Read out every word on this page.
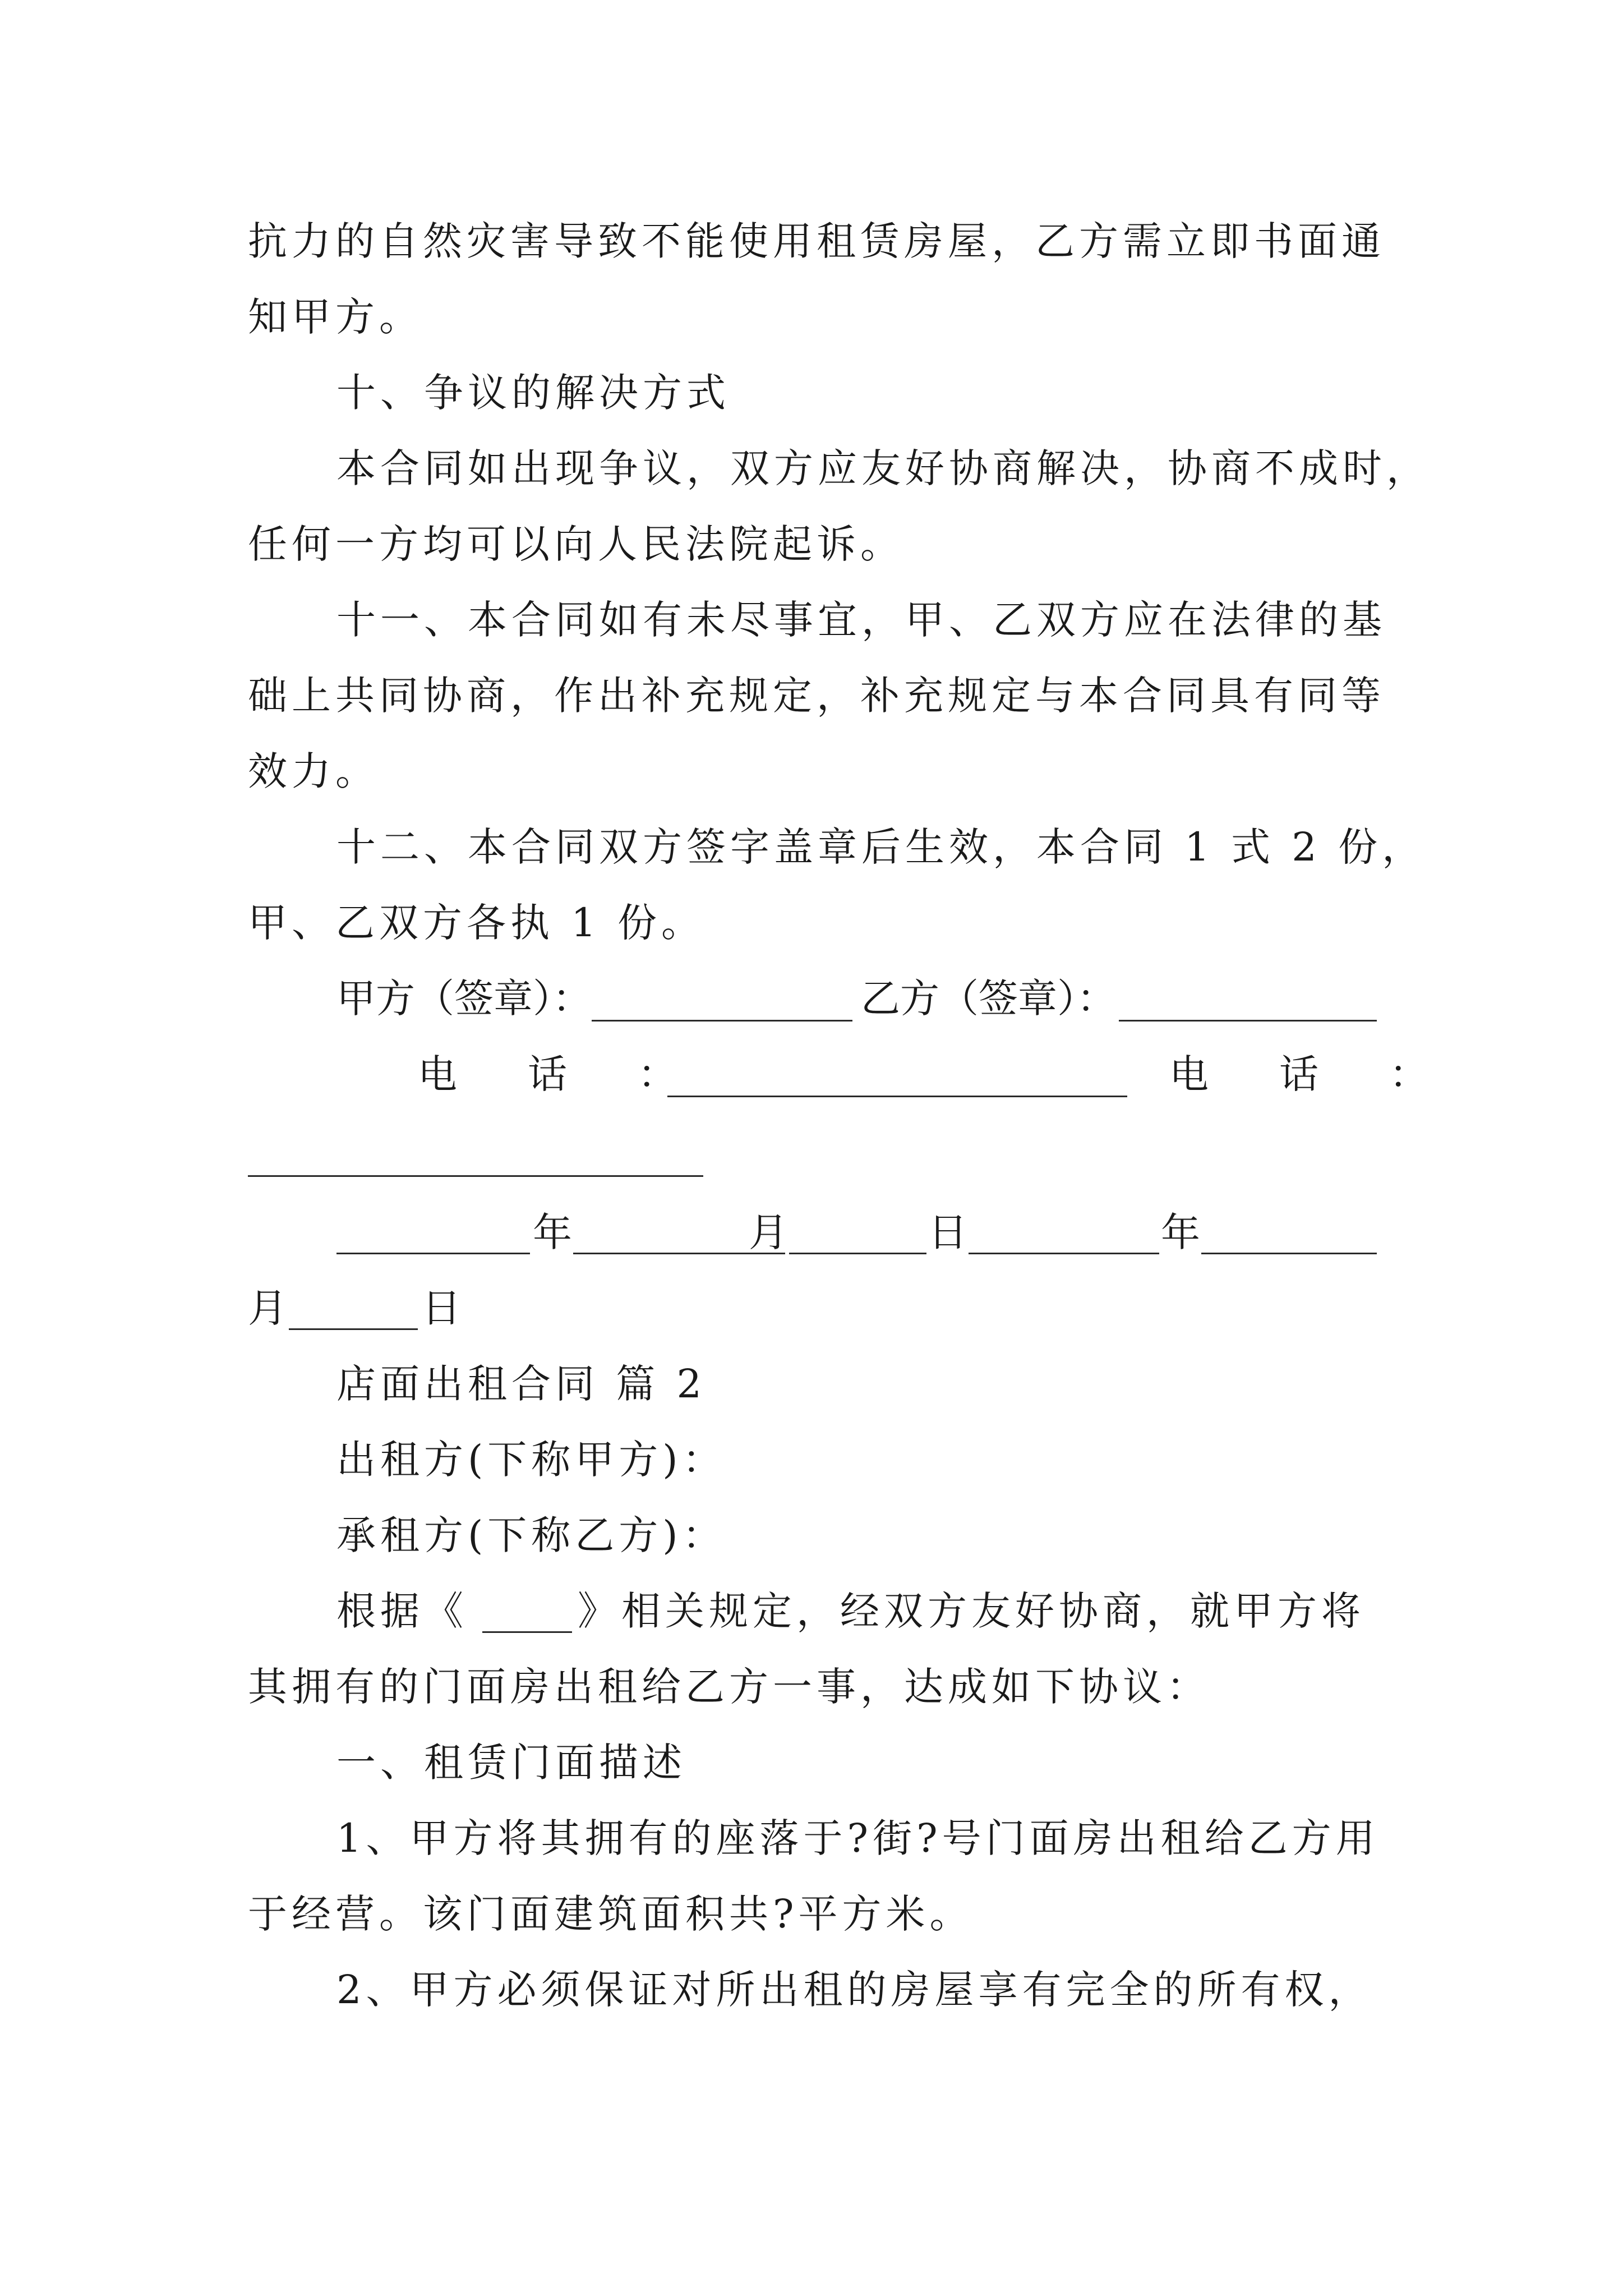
抗力的自然灾害导致不能使用租赁房屋，乙方需立即书面通
知甲方。
十、争议的解决方式
本合同如出现争议，双方应友好协商解决，协商不成时，
任何一方均可以向人民法院起诉。
十一、本合同如有未尽事宜，甲、乙双方应在法律的基
础上共同协商，作出补充规定，补充规定与本合同具有同等
效力。
十二、本合同双方签字盖章后生效，本合同 1 式 2 份，
甲、乙双方各执 1 份。
甲方（签章）：	乙方（签章）：
电　话　：	电　话　：
年	月	日	年
月	日
店面出租合同 篇 2
出租方(下称甲方)：
承租方(下称乙方)：
根据《	》相关规定，经双方友好协商，就甲方将
其拥有的门面房出租给乙方一事，达成如下协议：
一、租赁门面描述
1、甲方将其拥有的座落于?街?号门面房出租给乙方用
于经营。该门面建筑面积共?平方米。
2、甲方必须保证对所出租的房屋享有完全的所有权，
